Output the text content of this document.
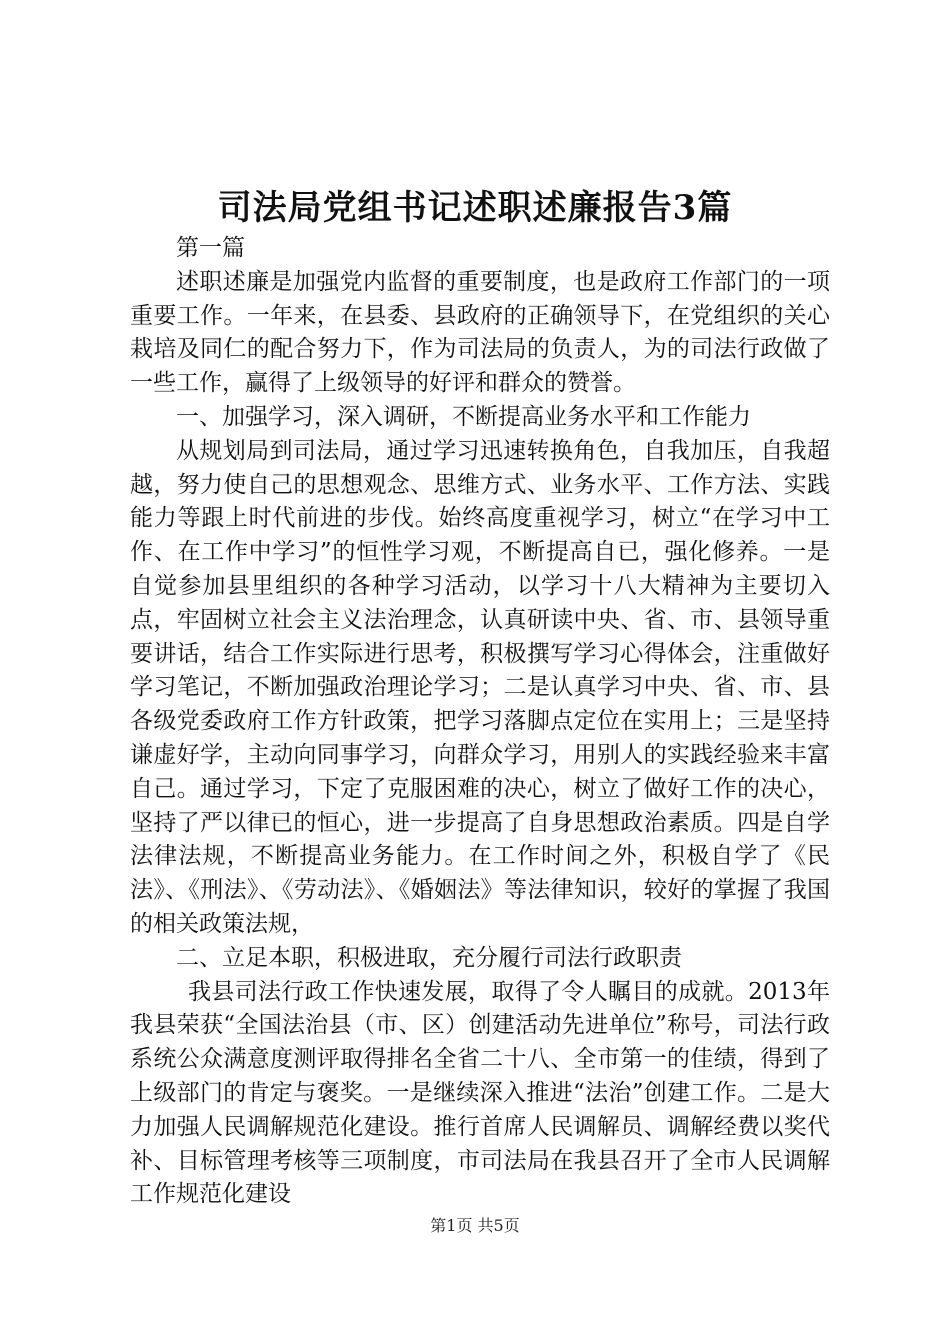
司法局党组书记述职述廉报告3篇

第一篇

述职述廉是加强党内监督的重要制度，也是政府工作部门的一项重要工作。一年来，在县委、县政府的正确领导下，在党组织的关心栽培及同仁的配合努力下，作为司法局的负责人，为的司法行政做了一些工作，赢得了上级领导的好评和群众的赞誉。

一、加强学习，深入调研，不断提高业务水平和工作能力

从规划局到司法局，通过学习迅速转换角色，自我加压，自我超越，努力使自己的思想观念、思维方式、业务水平、工作方法、实践能力等跟上时代前进的步伐。始终高度重视学习，树立“在学习中工作、在工作中学习”的恒性学习观，不断提高自已，强化修养。一是自觉参加县里组织的各种学习活动，以学习十八大精神为主要切入点，牢固树立社会主义法治理念，认真研读中央、省、市、县领导重要讲话，结合工作实际进行思考，积极撰写学习心得体会，注重做好学习笔记，不断加强政治理论学习；二是认真学习中央、省、市、县各级党委政府工作方针政策，把学习落脚点定位在实用上；三是坚持谦虚好学，主动向同事学习，向群众学习，用别人的实践经验来丰富自己。通过学习，下定了克服困难的决心，树立了做好工作的决心，坚持了严以律已的恒心，进一步提高了自身思想政治素质。四是自学法律法规，不断提高业务能力。在工作时间之外，积极自学了《民法》、《刑法》、《劳动法》、《婚姻法》等法律知识，较好的掌握了我国的相关政策法规，

二、立足本职，积极进取，充分履行司法行政职责

我县司法行政工作快速发展，取得了令人瞩目的成就。2013年我县荣获“全国法治县（市、区）创建活动先进单位”称号，司法行政系统公众满意度测评取得排名全省二十八、全市第一的佳绩，得到了上级部门的肯定与褒奖。一是继续深入推进“法治”创建工作。二是大力加强人民调解规范化建设。推行首席人民调解员、调解经费以奖代补、目标管理考核等三项制度，市司法局在我县召开了全市人民调解工作规范化建设

第1页 共5页
